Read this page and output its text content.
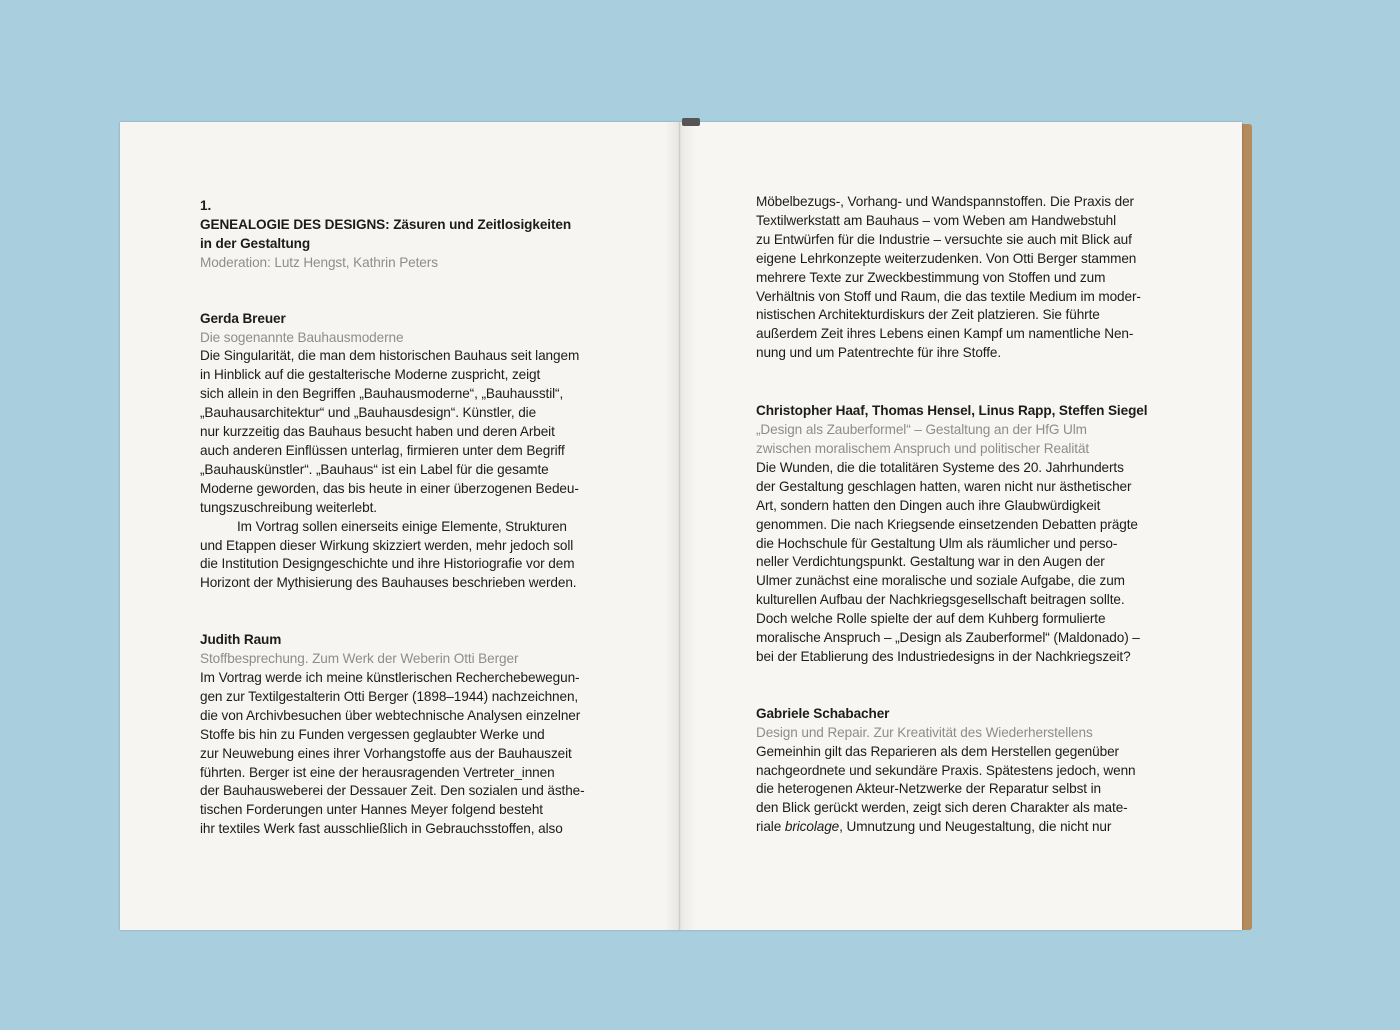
1.
GENEALOGIE DES DESIGNS: Zäsuren und Zeitlosigkeiten
in der Gestaltung
Moderation: Lutz Hengst, Kathrin Peters
Gerda Breuer
Die sogenannte Bauhausmoderne
Die Singularität, die man dem historischen Bauhaus seit langem
in Hinblick auf die gestalterische Moderne zuspricht, zeigt
sich allein in den Begriffen „Bauhausmoderne“, „Bauhausstil“,
„Bauhausarchitektur“ und „Bauhausdesign“. Künstler, die
nur kurzzeitig das Bauhaus besucht haben und deren Arbeit
auch anderen Einflüssen unterlag, firmieren unter dem Begriff
„Bauhauskünstler“. „Bauhaus“ ist ein Label für die gesamte
Moderne geworden, das bis heute in einer überzogenen Bedeu-
tungszuschreibung weiterlebt.
Im Vortrag sollen einerseits einige Elemente, Strukturen
und Etappen dieser Wirkung skizziert werden, mehr jedoch soll
die Institution Designgeschichte und ihre Historiografie vor dem
Horizont der Mythisierung des Bauhauses beschrieben werden.
Judith Raum
Stoffbesprechung. Zum Werk der Weberin Otti Berger
Im Vortrag werde ich meine künstlerischen Recherchebewegun-
gen zur Textilgestalterin Otti Berger (1898–1944) nachzeichnen,
die von Archivbesuchen über webtechnische Analysen einzelner
Stoffe bis hin zu Funden vergessen geglaubter Werke und
zur Neuwebung eines ihrer Vorhangstoffe aus der Bauhauszeit
führten. Berger ist eine der herausragenden Vertreter_innen
der Bauhausweberei der Dessauer Zeit. Den sozialen und ästhe-
tischen Forderungen unter Hannes Meyer folgend besteht
ihr textiles Werk fast ausschließlich in Gebrauchsstoffen, also
Möbelbezugs-, Vorhang- und Wandspannstoffen. Die Praxis der
Textilwerkstatt am Bauhaus – vom Weben am Handwebstuhl
zu Entwürfen für die Industrie – versuchte sie auch mit Blick auf
eigene Lehrkonzepte weiterzudenken. Von Otti Berger stammen
mehrere Texte zur Zweckbestimmung von Stoffen und zum
Verhältnis von Stoff und Raum, die das textile Medium im moder-
nistischen Architekturdiskurs der Zeit platzieren. Sie führte
außerdem Zeit ihres Lebens einen Kampf um namentliche Nen-
nung und um Patentrechte für ihre Stoffe.
Christopher Haaf, Thomas Hensel, Linus Rapp, Steffen Siegel
„Design als Zauberformel“ – Gestaltung an der HfG Ulm
zwischen moralischem Anspruch und politischer Realität
Die Wunden, die die totalitären Systeme des 20. Jahrhunderts
der Gestaltung geschlagen hatten, waren nicht nur ästhetischer
Art, sondern hatten den Dingen auch ihre Glaubwürdigkeit
genommen. Die nach Kriegsende einsetzenden Debatten prägte
die Hochschule für Gestaltung Ulm als räumlicher und perso-
neller Verdichtungspunkt. Gestaltung war in den Augen der
Ulmer zunächst eine moralische und soziale Aufgabe, die zum
kulturellen Aufbau der Nachkriegsgesellschaft beitragen sollte.
Doch welche Rolle spielte der auf dem Kuhberg formulierte
moralische Anspruch – „Design als Zauberformel“ (Maldonado) –
bei der Etablierung des Industriedesigns in der Nachkriegszeit?
Gabriele Schabacher
Design und Repair. Zur Kreativität des Wiederherstellens
Gemeinhin gilt das Reparieren als dem Herstellen gegenüber
nachgeordnete und sekundäre Praxis. Spätestens jedoch, wenn
die heterogenen Akteur-Netzwerke der Reparatur selbst in
den Blick gerückt werden, zeigt sich deren Charakter als mate-
riale bricolage, Umnutzung und Neugestaltung, die nicht nur
